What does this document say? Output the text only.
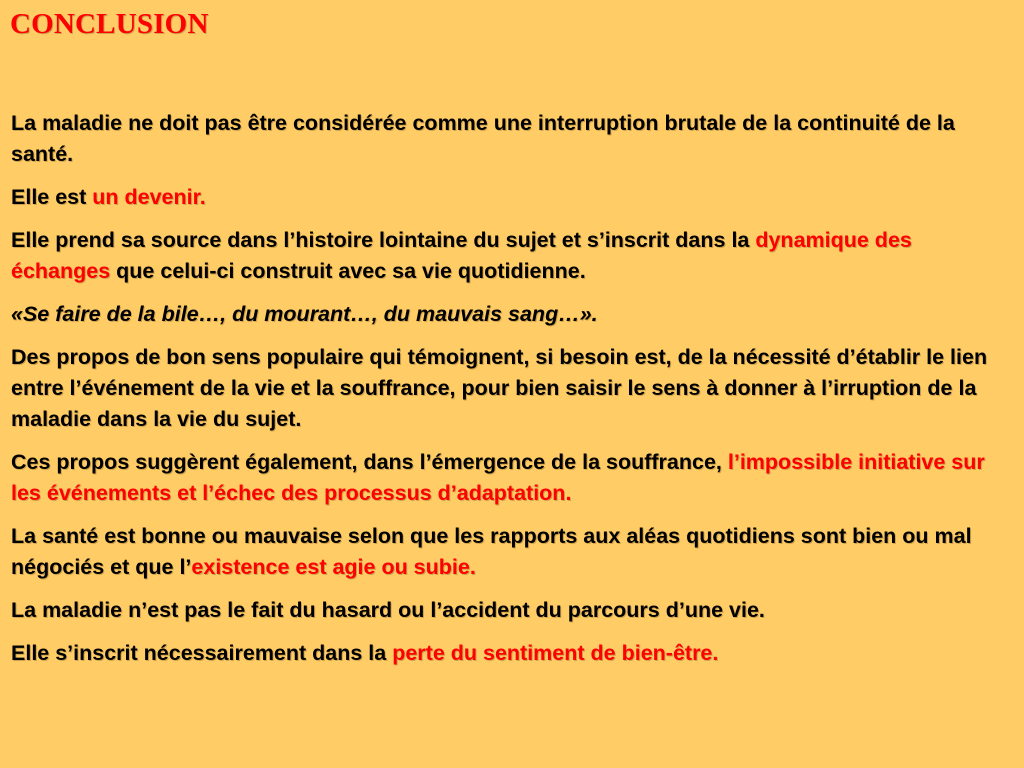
CONCLUSION

La maladie ne doit pas être considérée comme une interruption brutale de la continuité de la santé.

Elle est un devenir.

Elle prend sa source dans l’histoire lointaine du sujet et s’inscrit dans la dynamique des échanges que celui-ci construit avec sa vie quotidienne.

«Se faire de la bile…, du mourant…, du mauvais sang…».

Des propos de bon sens populaire qui témoignent, si besoin est, de la nécessité d’établir le lien entre l’événement de la vie et la souffrance, pour bien saisir le sens à donner à l’irruption de la maladie dans la vie du sujet.

Ces propos suggèrent également, dans l’émergence de la souffrance, l’impossible initiative sur les événements et l’échec des processus d’adaptation.

La santé est bonne ou mauvaise selon que les rapports aux aléas quotidiens sont bien ou mal négociés et que l’existence est agie ou subie.

La maladie n’est pas le fait du hasard ou l’accident du parcours d’une vie.

Elle s’inscrit nécessairement dans la perte du sentiment de bien-être.
